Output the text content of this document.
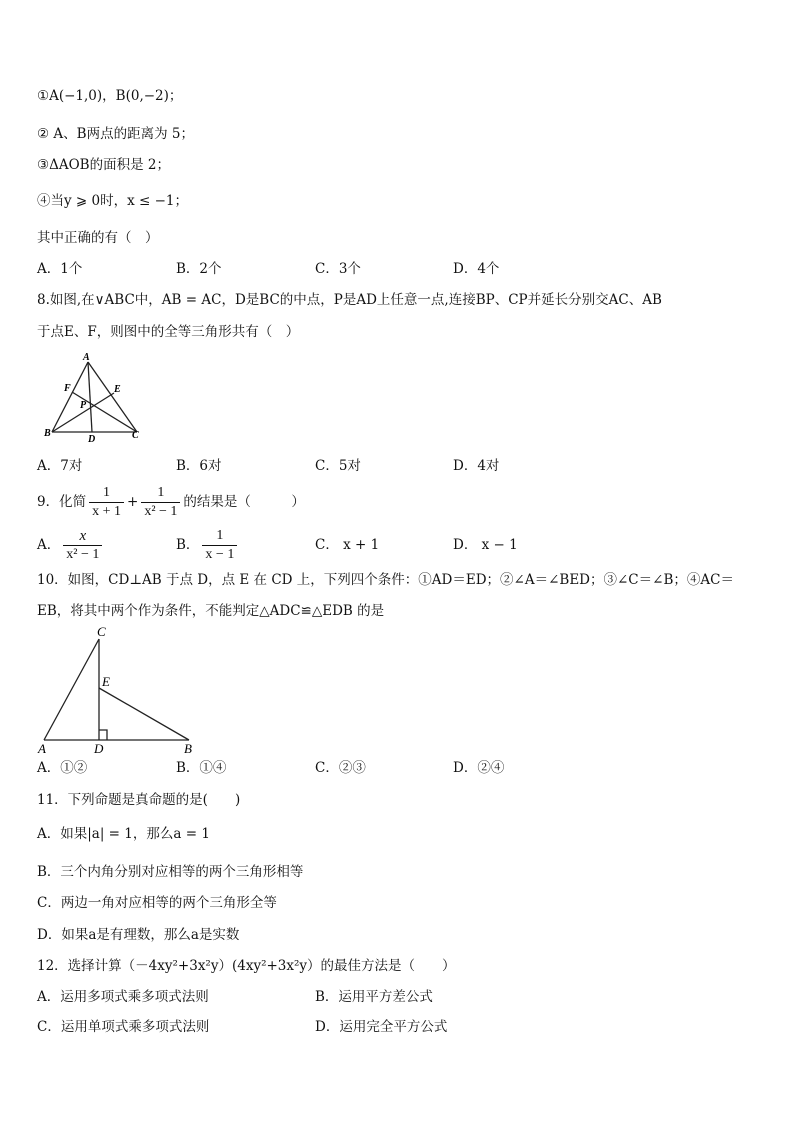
①A(−1,0)，B(0,−2)；
② A、B两点的距离为 5；
③ΔAOB的面积是 2；
④当y ⩾ 0时，x ≤ −1；
其中正确的有（　）
A．1个	B．2个	C．3个	D．4个
8.如图,在∨ABC中，AB = AC，D是BC的中点，P是AD上任意一点,连接BP、CP并延长分别交AC、AB
于点E、F，则图中的全等三角形共有（　）
A
B	C
D
E
F
P
A．7对	B．6对	C．5对	D．4对
9．化简 $\frac{1}{x + 1} + \frac{1}{\text{x² − 1}}$ 的结果是（　　　）
A． $\frac{x}{\text{x² − 1}}$	B． $\frac{1}{x - 1}$	C． x + 1	D． x − 1
10．如图，CD⊥AB 于点 D，点 E 在 CD 上，下列四个条件：①AD＝ED；②∠A＝∠BED；③∠C＝∠B；④AC＝
EB，将其中两个作为条件，不能判定△ADC≌△EDB 的是
C
E
A	D	B
A．①②	B．①④	C．②③	D．②④
11．下列命题是真命题的是(　　)
A．如果|a| = 1，那么a = 1
B．三个内角分别对应相等的两个三角形相等
C．两边一角对应相等的两个三角形全等
D．如果a是有理数，那么a是实数
12．选择计算（－4xy²+3x²y）(4xy²+3x²y）的最佳方法是（　　）
A．运用多项式乘多项式法则	B．运用平方差公式
C．运用单项式乘多项式法则	D．运用完全平方公式
